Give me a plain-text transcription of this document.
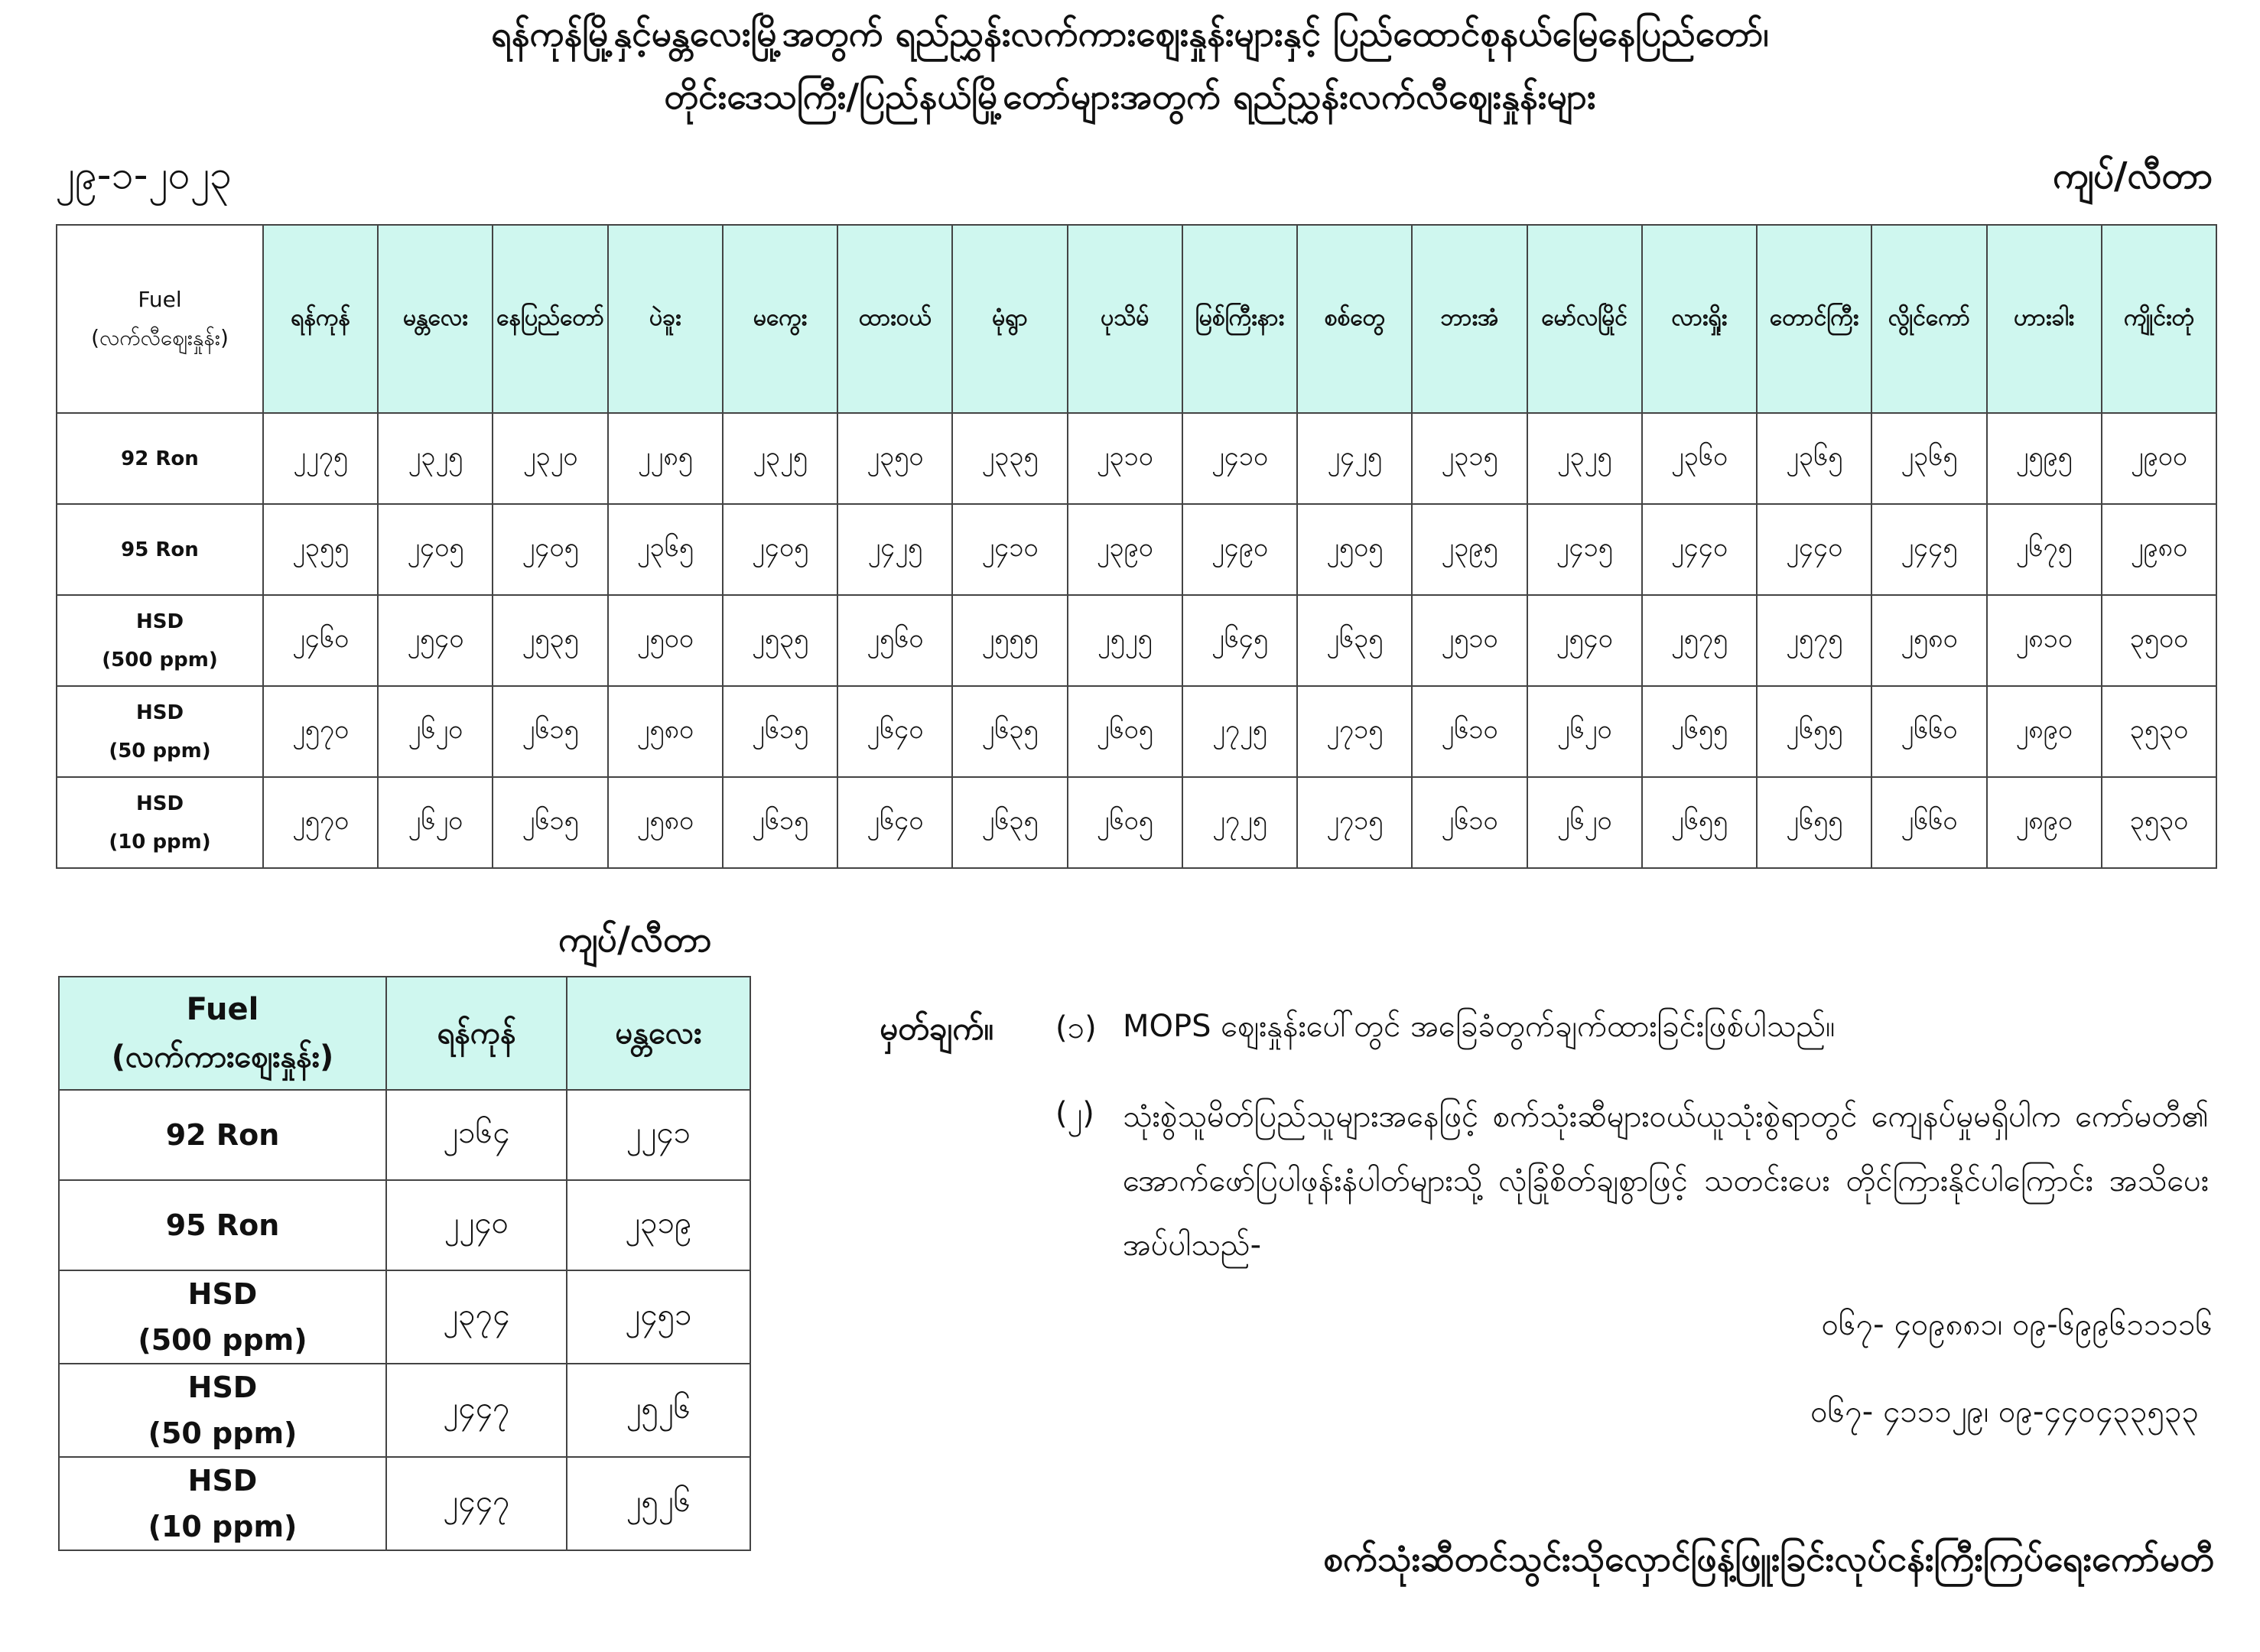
ရန်ကုန်မြို့နှင့်မန္တလေးမြို့အတွက် ရည်ညွှန်းလက်ကားဈေးနှုန်းများနှင့် ပြည်ထောင်စုနယ်မြေနေပြည်တော်၊
တိုင်းဒေသကြီး/ပြည်နယ်မြို့တော်များအတွက် ရည်ညွှန်းလက်လီဈေးနှုန်းများ
၂၉-၁-၂၀၂၃	ကျပ်/လီတာ
Fuel
(လက်လီဈေးနှုန်း)	ရန်ကုန်	မန္တလေး	နေပြည်တော်	ပဲခူး	မကွေး	ထားဝယ်	မုံရွာ	ပုသိမ်	မြစ်ကြီးနား	စစ်တွေ	ဘားအံ	မော်လမြိုင်	လားရှိုး	တောင်ကြီး	လွိုင်ကော်	ဟားခါး	ကျိုင်းတုံ

92 Ron	၂၂၇၅	၂၃၂၅	၂၃၂၀	၂၂၈၅	၂၃၂၅	၂၃၅၀	၂၃၃၅	၂၃၁၀	၂၄၁၀	၂၄၂၅	၂၃၁၅	၂၃၂၅	၂၃၆၀	၂၃၆၅	၂၃၆၅	၂၅၉၅	၂၉၀၀

95 Ron	၂၃၅၅	၂၄၀၅	၂၄၀၅	၂၃၆၅	၂၄၀၅	၂၄၂၅	၂၄၁၀	၂၃၉၀	၂၄၉၀	၂၅၀၅	၂၃၉၅	၂၄၁၅	၂၄၄၀	၂၄၄၀	၂၄၄၅	၂၆၇၅	၂၉၈၀

HSD
(500 ppm)	၂၄၆၀	၂၅၄၀	၂၅၃၅	၂၅၀၀	၂၅၃၅	၂၅၆၀	၂၅၅၅	၂၅၂၅	၂၆၄၅	၂၆၃၅	၂၅၁၀	၂၅၄၀	၂၅၇၅	၂၅၇၅	၂၅၈၀	၂၈၁၀	၃၅၀၀

HSD
(50 ppm)	၂၅၇၀	၂၆၂၀	၂၆၁၅	၂၅၈၀	၂၆၁၅	၂၆၄၀	၂၆၃၅	၂၆၀၅	၂၇၂၅	၂၇၁၅	၂၆၁၀	၂၆၂၀	၂၆၅၅	၂၆၅၅	၂၆၆၀	၂၈၉၀	၃၅၃၀

HSD
(10 ppm)	၂၅၇၀	၂၆၂၀	၂၆၁၅	၂၅၈၀	၂၆၁၅	၂၆၄၀	၂၆၃၅	၂၆၀၅	၂၇၂၅	၂၇၁၅	၂၆၁၀	၂၆၂၀	၂၆၅၅	၂၆၅၅	၂၆၆၀	၂၈၉၀	၃၅၃၀
ကျပ်/လီတာ
Fuel
(လက်ကားဈေးနှုန်း)	ရန်ကုန်	မန္တလေး

92 Ron	၂၁၆၄	၂၂၄၁

95 Ron	၂၂၄၀	၂၃၁၉

HSD
(500 ppm)	၂၃၇၄	၂၄၅၁

HSD
(50 ppm)	၂၄၄၇	၂၅၂၆

HSD
(10 ppm)	၂၄၄၇	၂၅၂၆
မှတ်ချက်။ (၁) MOPS ဈေးနှုန်းပေါ်တွင် အခြေခံတွက်ချက်ထားခြင်းဖြစ်ပါသည်။
(၂) သုံးစွဲသူမိတ်ပြည်သူများအနေဖြင့် စက်သုံးဆီများဝယ်ယူသုံးစွဲရာတွင် ကျေနပ်မှုမရှိပါက ကော်မတီ၏ အောက်ဖော်ပြပါဖုန်းနံပါတ်များသို့ လုံခြုံစိတ်ချစွာဖြင့် သတင်းပေး တိုင်ကြားနိုင်ပါကြောင်း အသိပေးအပ်ပါသည်-
၀၆၇- ၄၀၉၈၈၁၊ ၀၉-၆၉၉၆၁၁၁၁၆
၀၆၇- ၄၁၁၁၂၉၊ ၀၉-၄၄၀၄၃၃၅၃၃
စက်သုံးဆီတင်သွင်းသိုလှောင်ဖြန့်ဖြူးခြင်းလုပ်ငန်းကြီးကြပ်ရေးကော်မတီ
